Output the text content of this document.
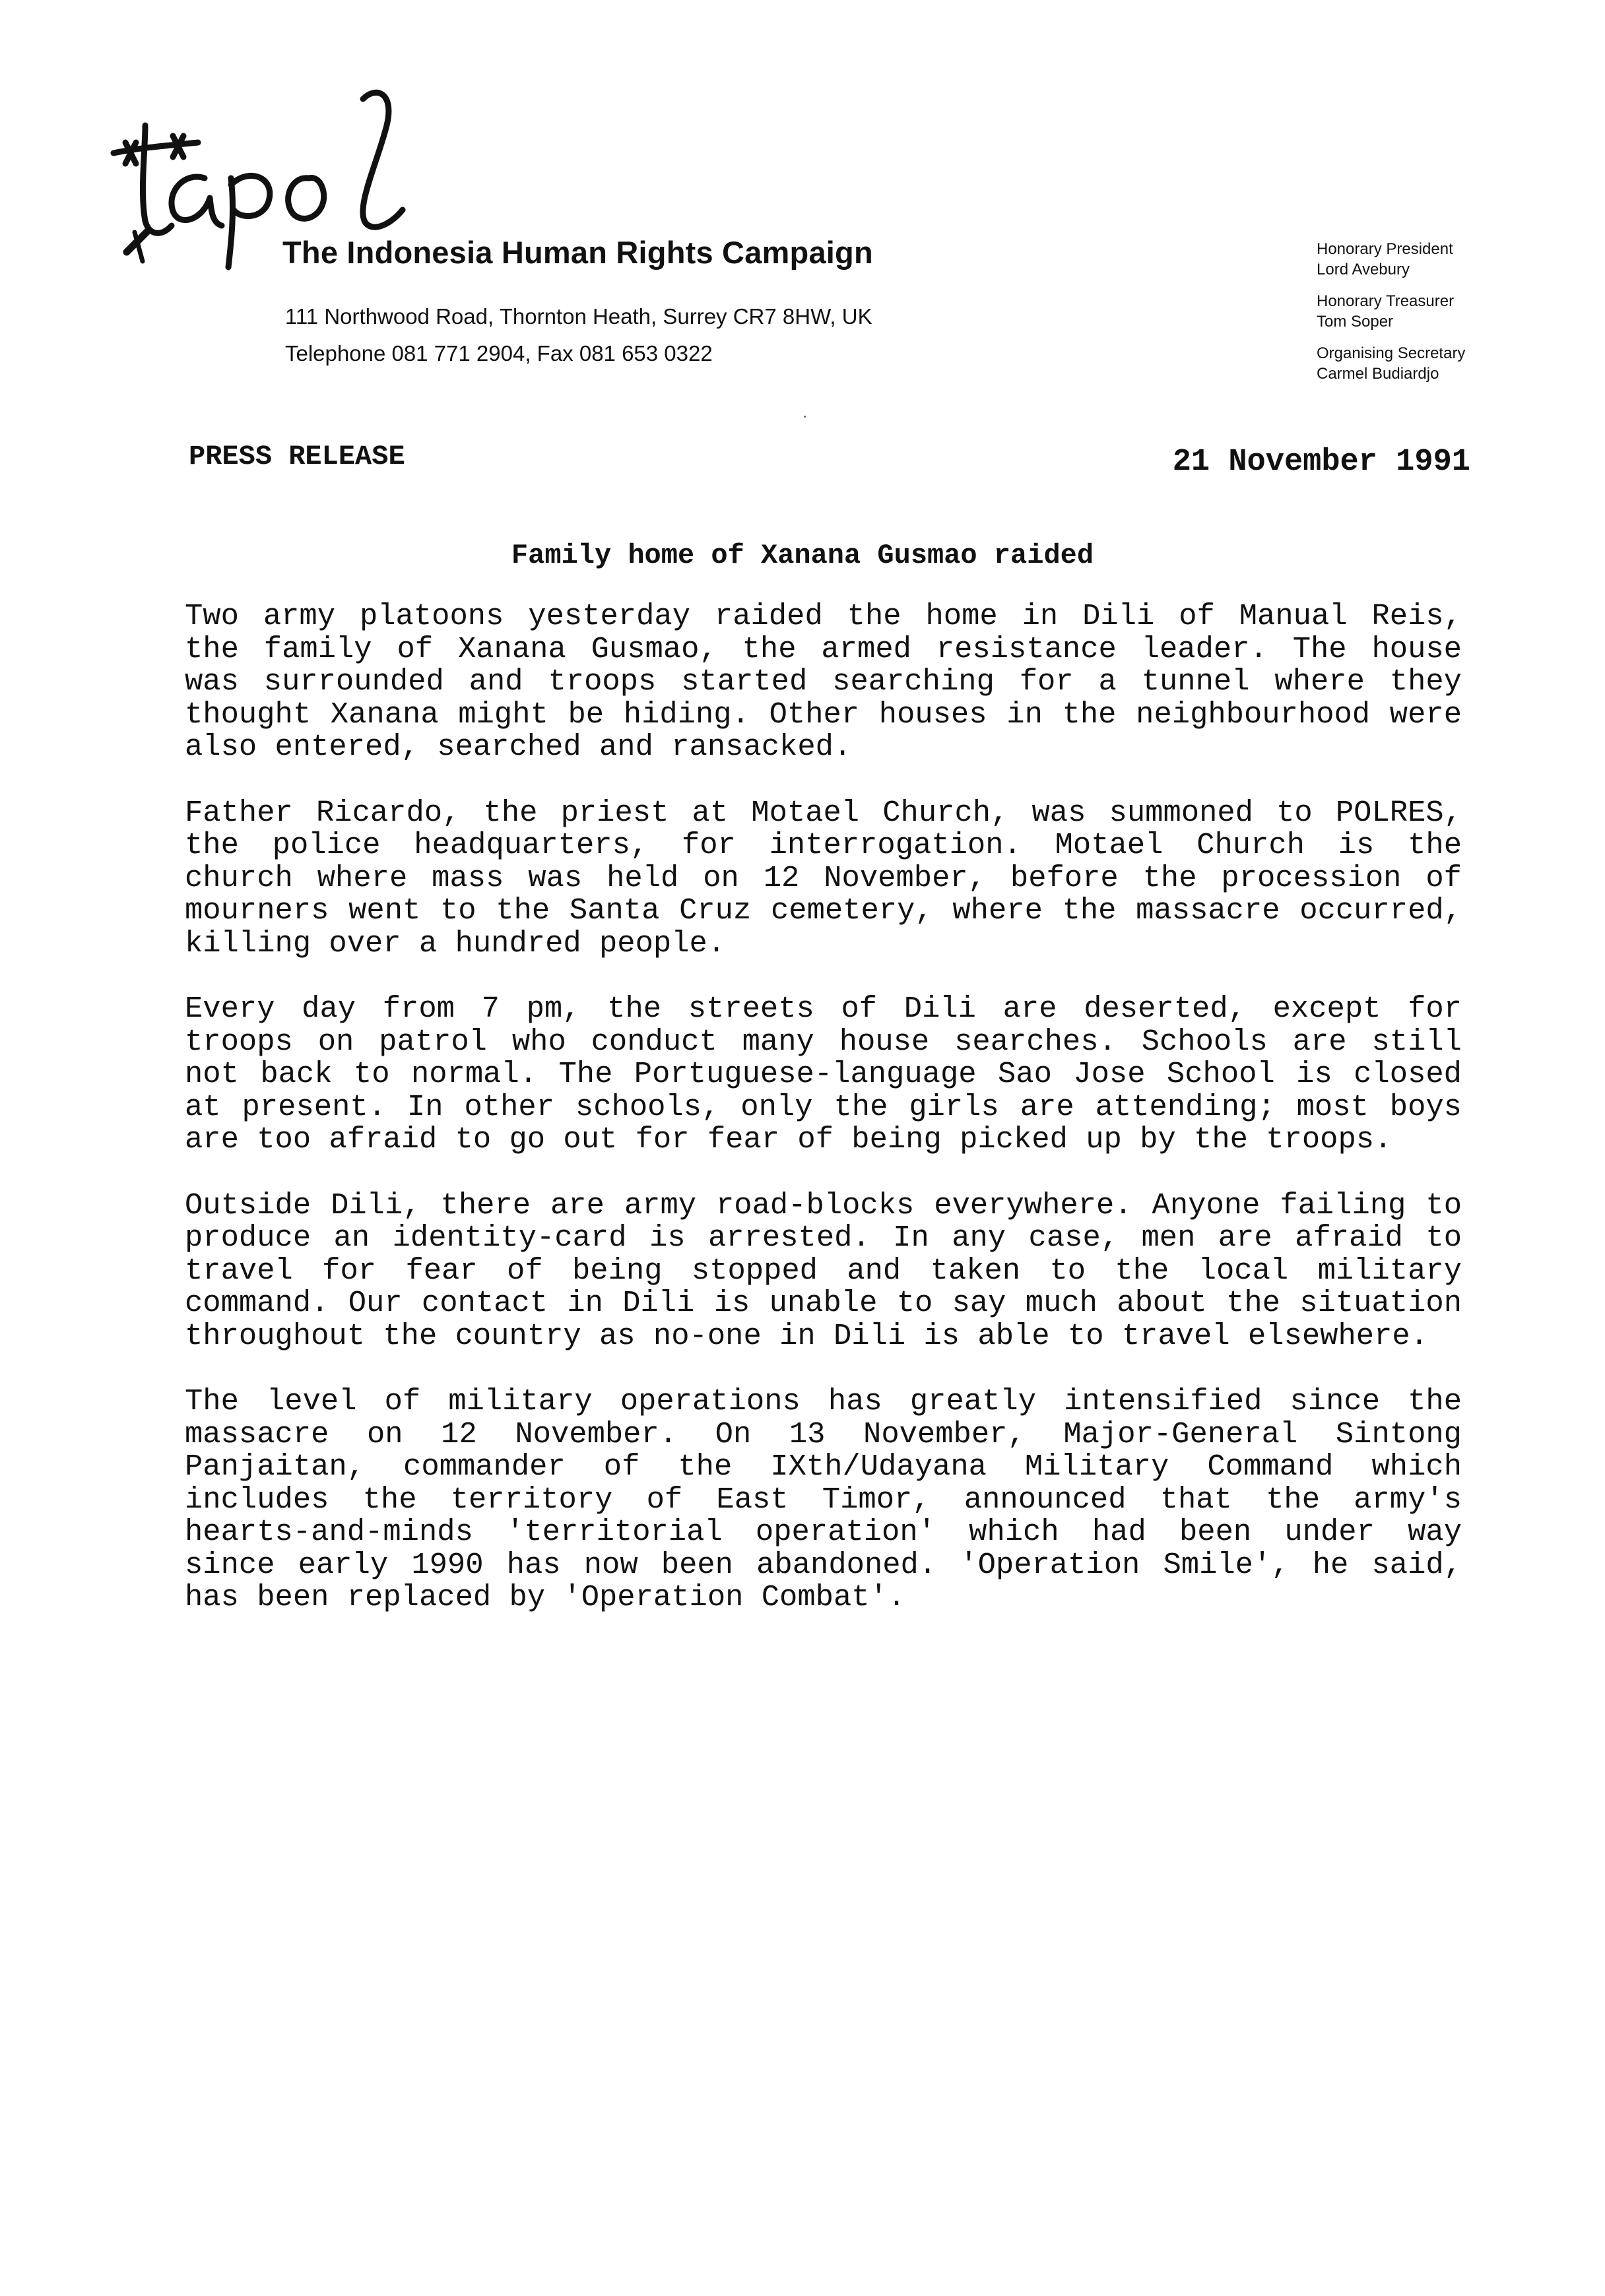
The Indonesia Human Rights Campaign
111 Northwood Road, Thornton Heath, Surrey CR7 8HW, UK
Telephone 081 771 2904, Fax 081 653 0322
Honorary President
Lord Avebury
Honorary Treasurer
Tom Soper
Organising Secretary
Carmel Budiardjo
PRESS RELEASE	21 November 1991
Family home of Xanana Gusmao raided

Two army platoons yesterday raided the home in Dili of Manual Reis, the family of Xanana Gusmao, the armed resistance leader. The house was surrounded and troops started searching for a tunnel where they thought Xanana might be hiding. Other houses in the neighbourhood were also entered, searched and ransacked.

Father Ricardo, the priest at Motael Church, was summoned to POLRES, the police headquarters, for interrogation. Motael Church is the church where mass was held on 12 November, before the procession of mourners went to the Santa Cruz cemetery, where the massacre occurred, killing over a hundred people.

Every day from 7 pm, the streets of Dili are deserted, except for troops on patrol who conduct many house searches. Schools are still not back to normal. The Portuguese-language Sao Jose School is closed at present. In other schools, only the girls are attending; most boys are too afraid to go out for fear of being picked up by the troops.

Outside Dili, there are army road-blocks everywhere. Anyone failing to produce an identity-card is arrested. In any case, men are afraid to travel for fear of being stopped and taken to the local military command. Our contact in Dili is unable to say much about the situation throughout the country as no-one in Dili is able to travel elsewhere.

The level of military operations has greatly intensified since the massacre on 12 November. On 13 November, Major-General Sintong Panjaitan, commander of the IXth/Udayana Military Command which includes the territory of East Timor, announced that the army's hearts-and-minds 'territorial operation' which had been under way since early 1990 has now been abandoned. 'Operation Smile', he said, has been replaced by 'Operation Combat'.
